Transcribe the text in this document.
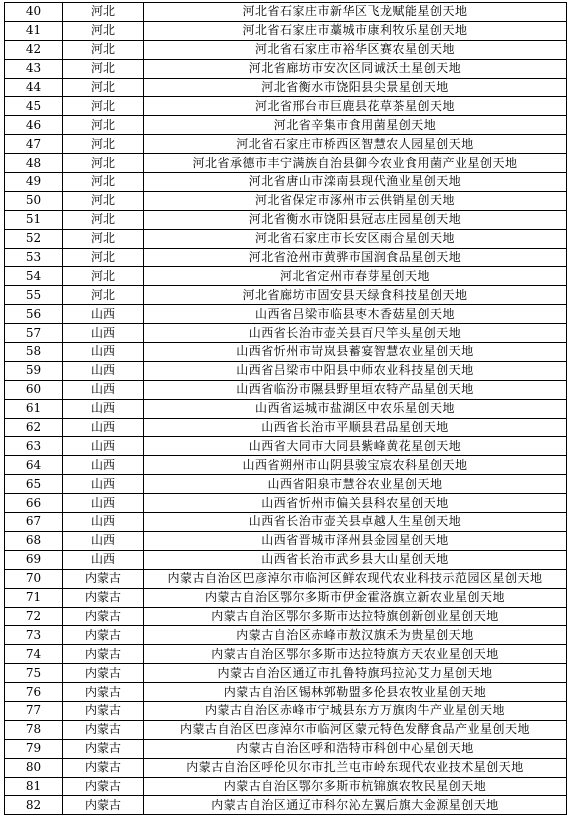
40	河北	河北省石家庄市新华区飞龙赋能星创天地
41	河北	河北省石家庄市藁城市康利牧乐星创天地
42	河北	河北省石家庄市裕华区赛农星创天地
43	河北	河北省廊坊市安次区同诚沃土星创天地
44	河北	河北省衡水市饶阳县尖景星创天地
45	河北	河北省邢台市巨鹿县花草茶星创天地
46	河北	河北省辛集市食用菌星创天地
47	河北	河北省石家庄市桥西区智慧农人园星创天地
48	河北	河北省承德市丰宁满族自治县御今农业食用菌产业星创天地
49	河北	河北省唐山市滦南县现代渔业星创天地
50	河北	河北省保定市涿州市云供销星创天地
51	河北	河北省衡水市饶阳县冠志庄园星创天地
52	河北	河北省石家庄市长安区雨合星创天地
53	河北	河北省沧州市黄骅市国润食品星创天地
54	河北	河北省定州市春芽星创天地
55	河北	河北省廊坊市固安县天绿食科技星创天地
56	山西	山西省吕梁市临县枣木香菇星创天地
57	山西	山西省长治市壶关县百尺竿头星创天地
58	山西	山西省忻州市岢岚县蓄宴智慧农业星创天地
59	山西	山西省吕梁市中阳县中师农业科技星创天地
60	山西	山西省临汾市隰县野里垣农特产品星创天地
61	山西	山西省运城市盐湖区中农乐星创天地
62	山西	山西省长治市平顺县君品星创天地
63	山西	山西省大同市大同县紫峰黄花星创天地
64	山西	山西省朔州市山阴县骏宝宸农科星创天地
65	山西	山西省阳泉市慧谷农业星创天地
66	山西	山西省忻州市偏关县科农星创天地
67	山西	山西省长治市壶关县卓越人生星创天地
68	山西	山西省晋城市泽州县金园星创天地
69	山西	山西省长治市武乡县大山星创天地
70	内蒙古	内蒙古自治区巴彦淖尔市临河区鲜农现代农业科技示范园区星创天地
71	内蒙古	内蒙古自治区鄂尔多斯市伊金霍洛旗立新农业星创天地
72	内蒙古	内蒙古自治区鄂尔多斯市达拉特旗创新创业星创天地
73	内蒙古	内蒙古自治区赤峰市敖汉旗禾为贵星创天地
74	内蒙古	内蒙古自治区鄂尔多斯市达拉特旗方天农业星创天地
75	内蒙古	内蒙古自治区通辽市扎鲁特旗玛拉沁艾力星创天地
76	内蒙古	内蒙古自治区锡林郭勒盟多伦县农牧业星创天地
77	内蒙古	内蒙古自治区赤峰市宁城县东方万旗肉牛产业星创天地
78	内蒙古	内蒙古自治区巴彦淖尔市临河区蒙元特色发酵食品产业星创天地
79	内蒙古	内蒙古自治区呼和浩特市科创中心星创天地
80	内蒙古	内蒙古自治区呼伦贝尔市扎兰屯市岭东现代农业技术星创天地
81	内蒙古	内蒙古自治区鄂尔多斯市杭锦旗农牧民星创天地
82	内蒙古	内蒙古自治区通辽市科尔沁左翼后旗大金源星创天地
